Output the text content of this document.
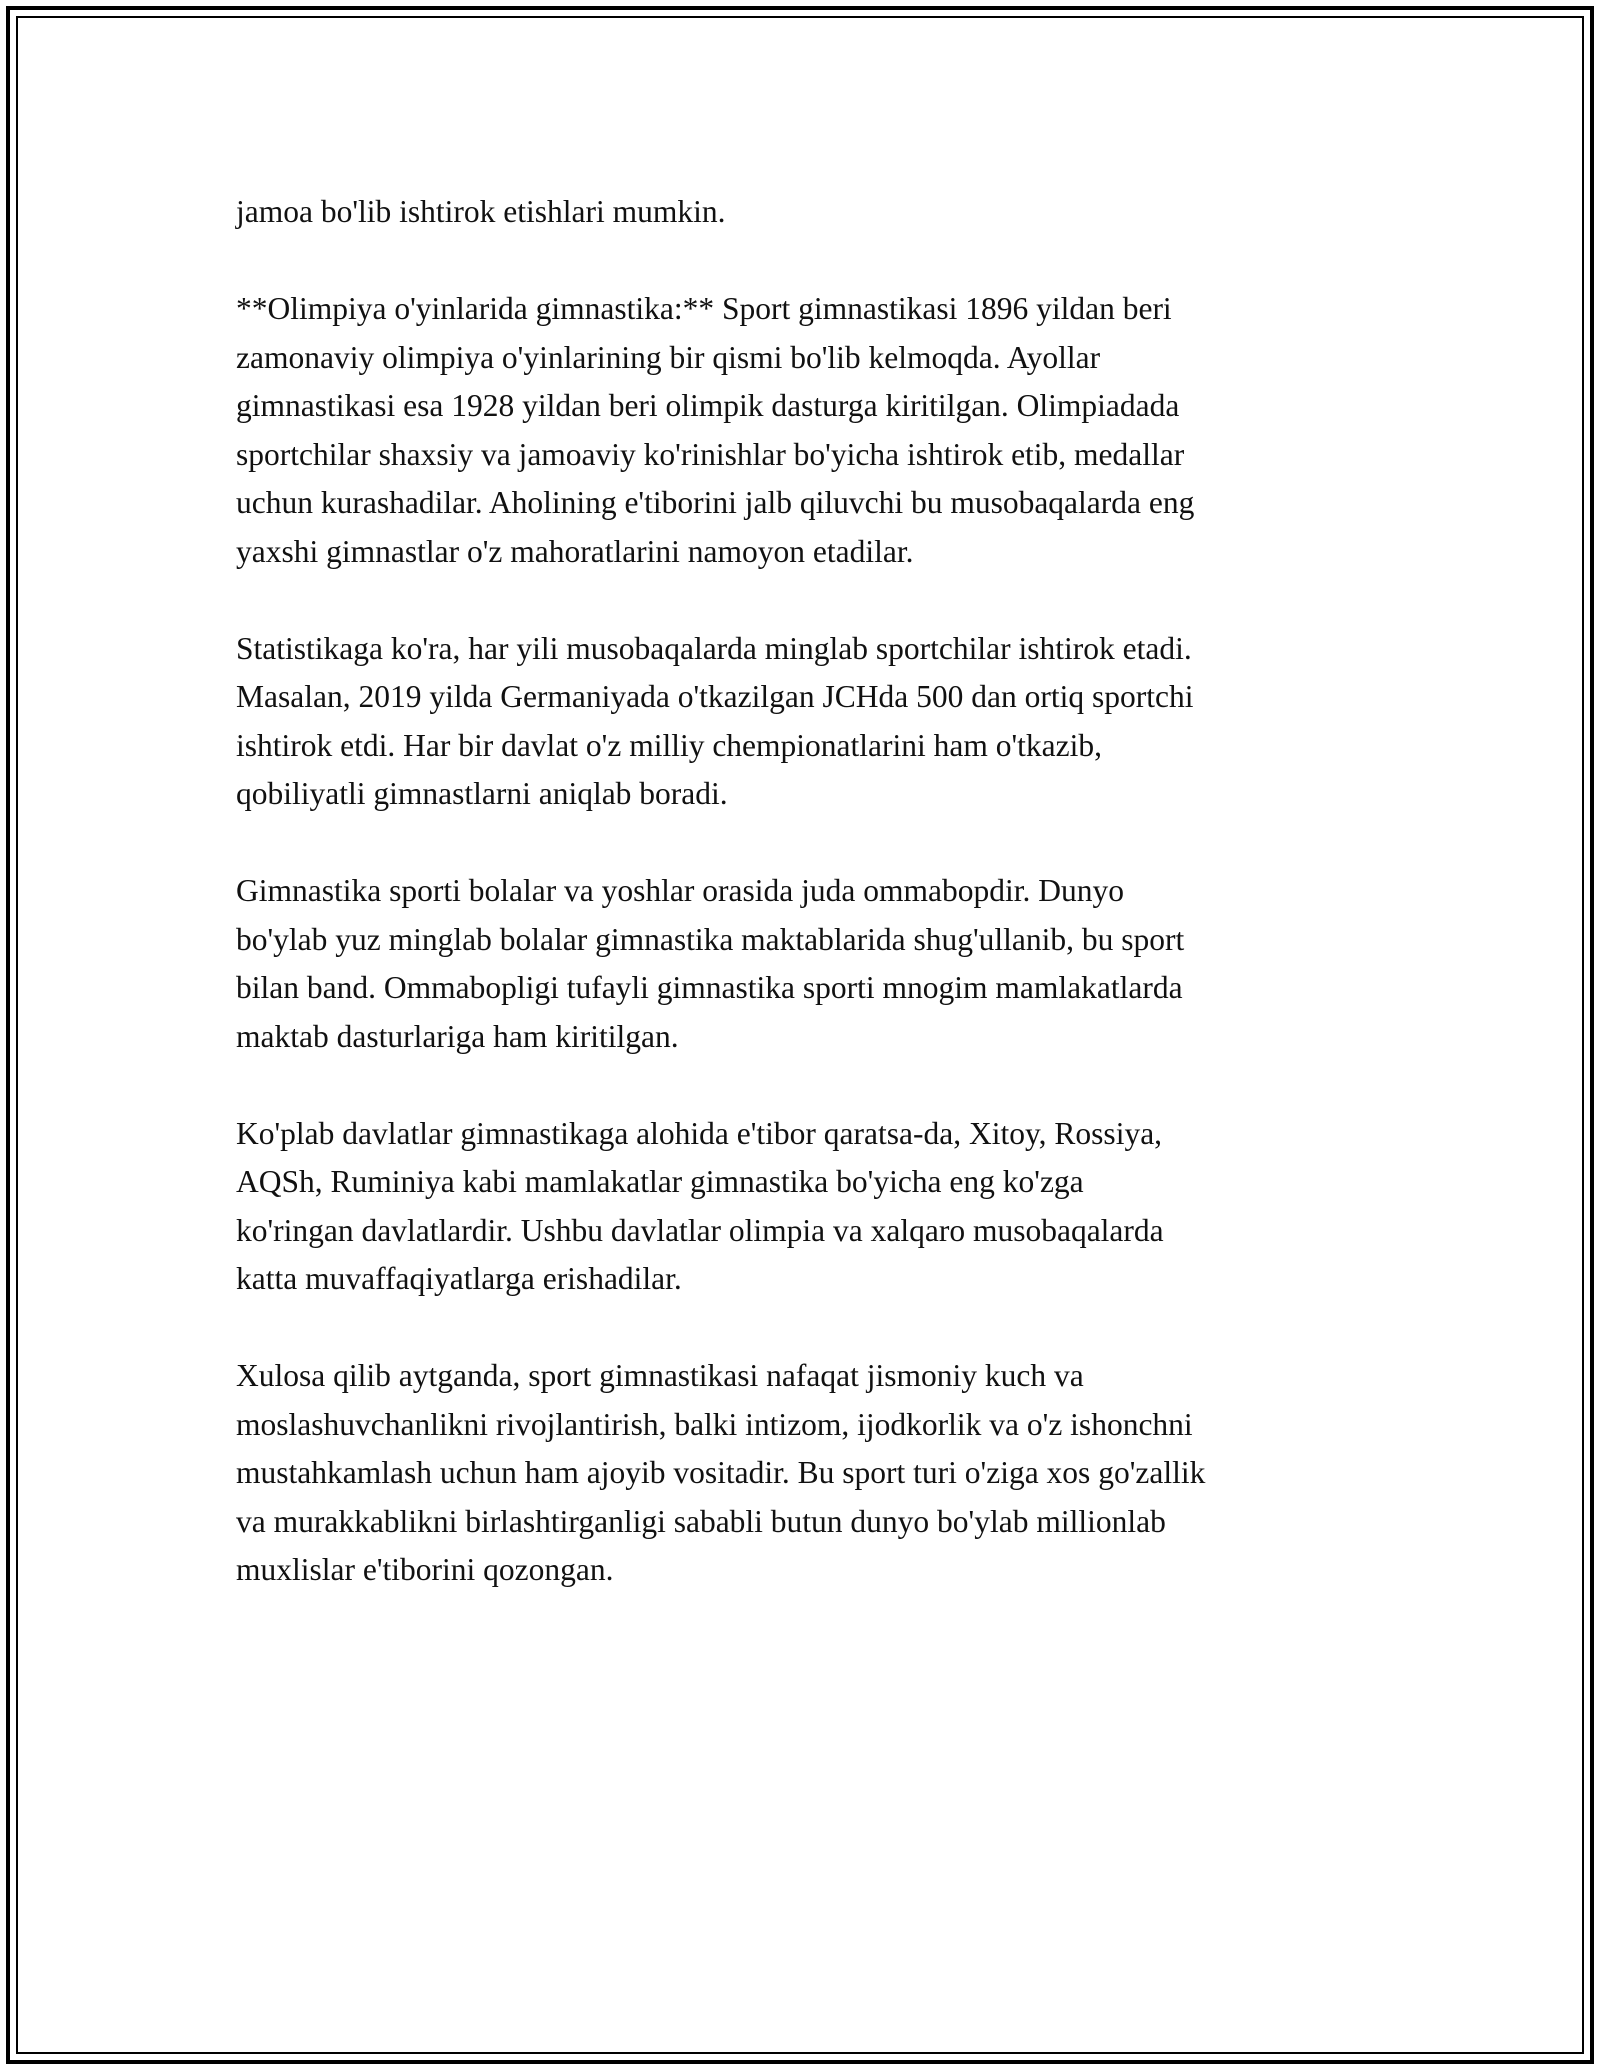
jamoa bo'lib ishtirok etishlari mumkin.

**Olimpiya o'yinlarida gimnastika:** Sport gimnastikasi 1896 yildan beri
zamonaviy olimpiya o'yinlarining bir qismi bo'lib kelmoqda. Ayollar
gimnastikasi esa 1928 yildan beri olimpik dasturga kiritilgan. Olimpiadada
sportchilar shaxsiy va jamoaviy ko'rinishlar bo'yicha ishtirok etib, medallar
uchun kurashadilar. Aholining e'tiborini jalb qiluvchi bu musobaqalarda eng
yaxshi gimnastlar o'z mahoratlarini namoyon etadilar.

Statistikaga ko'ra, har yili musobaqalarda minglab sportchilar ishtirok etadi.
Masalan, 2019 yilda Germaniyada o'tkazilgan JCHda 500 dan ortiq sportchi
ishtirok etdi. Har bir davlat o'z milliy chempionatlarini ham o'tkazib,
qobiliyatli gimnastlarni aniqlab boradi.

Gimnastika sporti bolalar va yoshlar orasida juda ommabopdir. Dunyo
bo'ylab yuz minglab bolalar gimnastika maktablarida shug'ullanib, bu sport
bilan band. Ommabopligi tufayli gimnastika sporti mnogim mamlakatlarda
maktab dasturlariga ham kiritilgan.

Ko'plab davlatlar gimnastikaga alohida e'tibor qaratsa-da, Xitoy, Rossiya,
AQSh, Ruminiya kabi mamlakatlar gimnastika bo'yicha eng ko'zga
ko'ringan davlatlardir. Ushbu davlatlar olimpia va xalqaro musobaqalarda
katta muvaffaqiyatlarga erishadilar.

Xulosa qilib aytganda, sport gimnastikasi nafaqat jismoniy kuch va
moslashuvchanlikni rivojlantirish, balki intizom, ijodkorlik va o'z ishonchni
mustahkamlash uchun ham ajoyib vositadir. Bu sport turi o'ziga xos go'zallik
va murakkablikni birlashtirganligi sababli butun dunyo bo'ylab millionlab
muxlislar e'tiborini qozongan.
